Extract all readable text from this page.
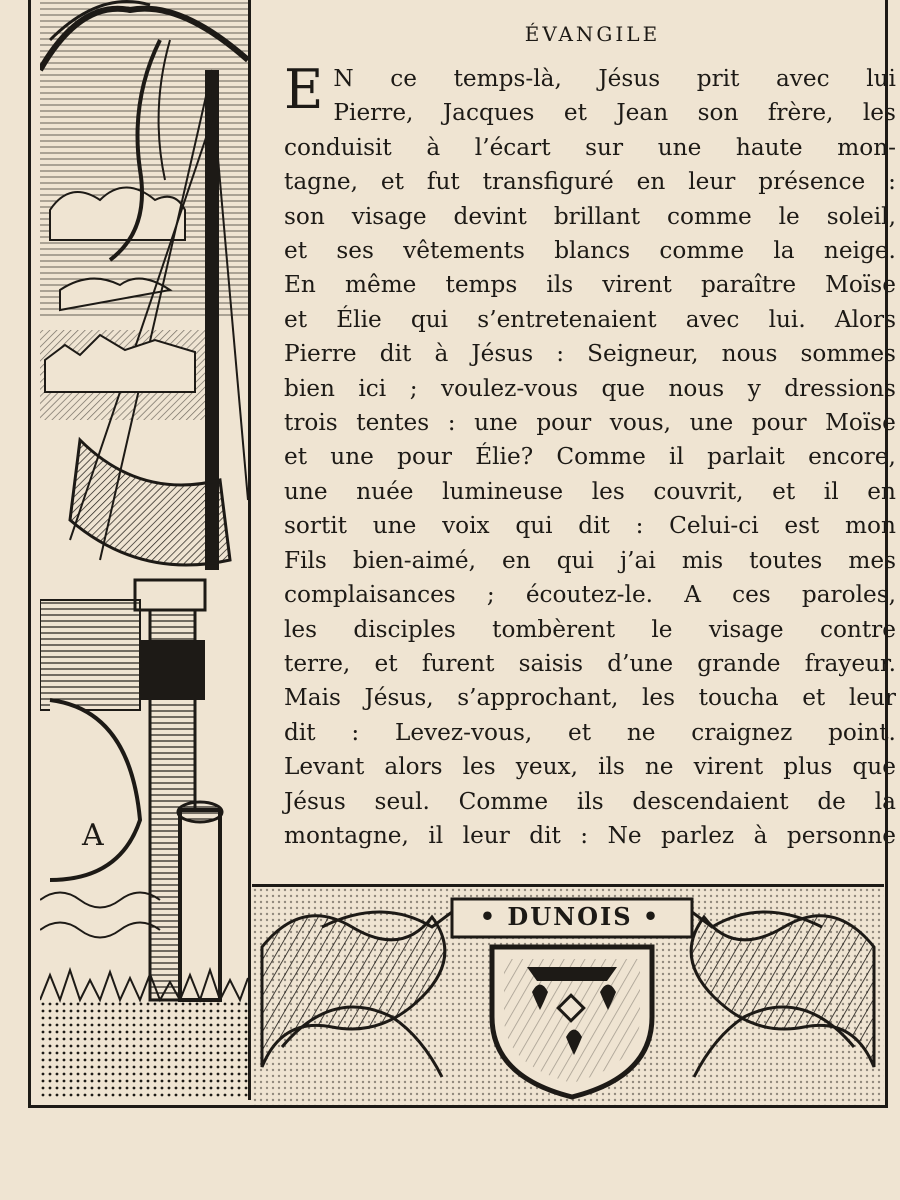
A
• DUNOIS •
ÉVANGILE
E N ce temps-là, Jésus prit avec lui
Pierre, Jacques et Jean son frère, les
conduisit à l’écart sur une haute mon-
tagne, et fut transfiguré en leur présence :
son visage devint brillant comme le soleil,
et ses vêtements blancs comme la neige.
En même temps ils virent paraître Moïse
et Élie qui s’entretenaient avec lui. Alors
Pierre dit à Jésus : Seigneur, nous sommes
bien ici ; voulez-vous que nous y dressions
trois tentes : une pour vous, une pour Moïse
et une pour Élie? Comme il parlait encore,
une nuée lumineuse les couvrit, et il en
sortit une voix qui dit : Celui-ci est mon
Fils bien-aimé, en qui j’ai mis toutes mes
complaisances ; écoutez-le. A ces paroles,
les disciples tombèrent le visage contre
terre, et furent saisis d’une grande frayeur.
Mais Jésus, s’approchant, les toucha et leur
dit : Levez-vous, et ne craignez point.
Levant alors les yeux, ils ne virent plus que
Jésus seul. Comme ils descendaient de la
montagne, il leur dit : Ne parlez à personne
